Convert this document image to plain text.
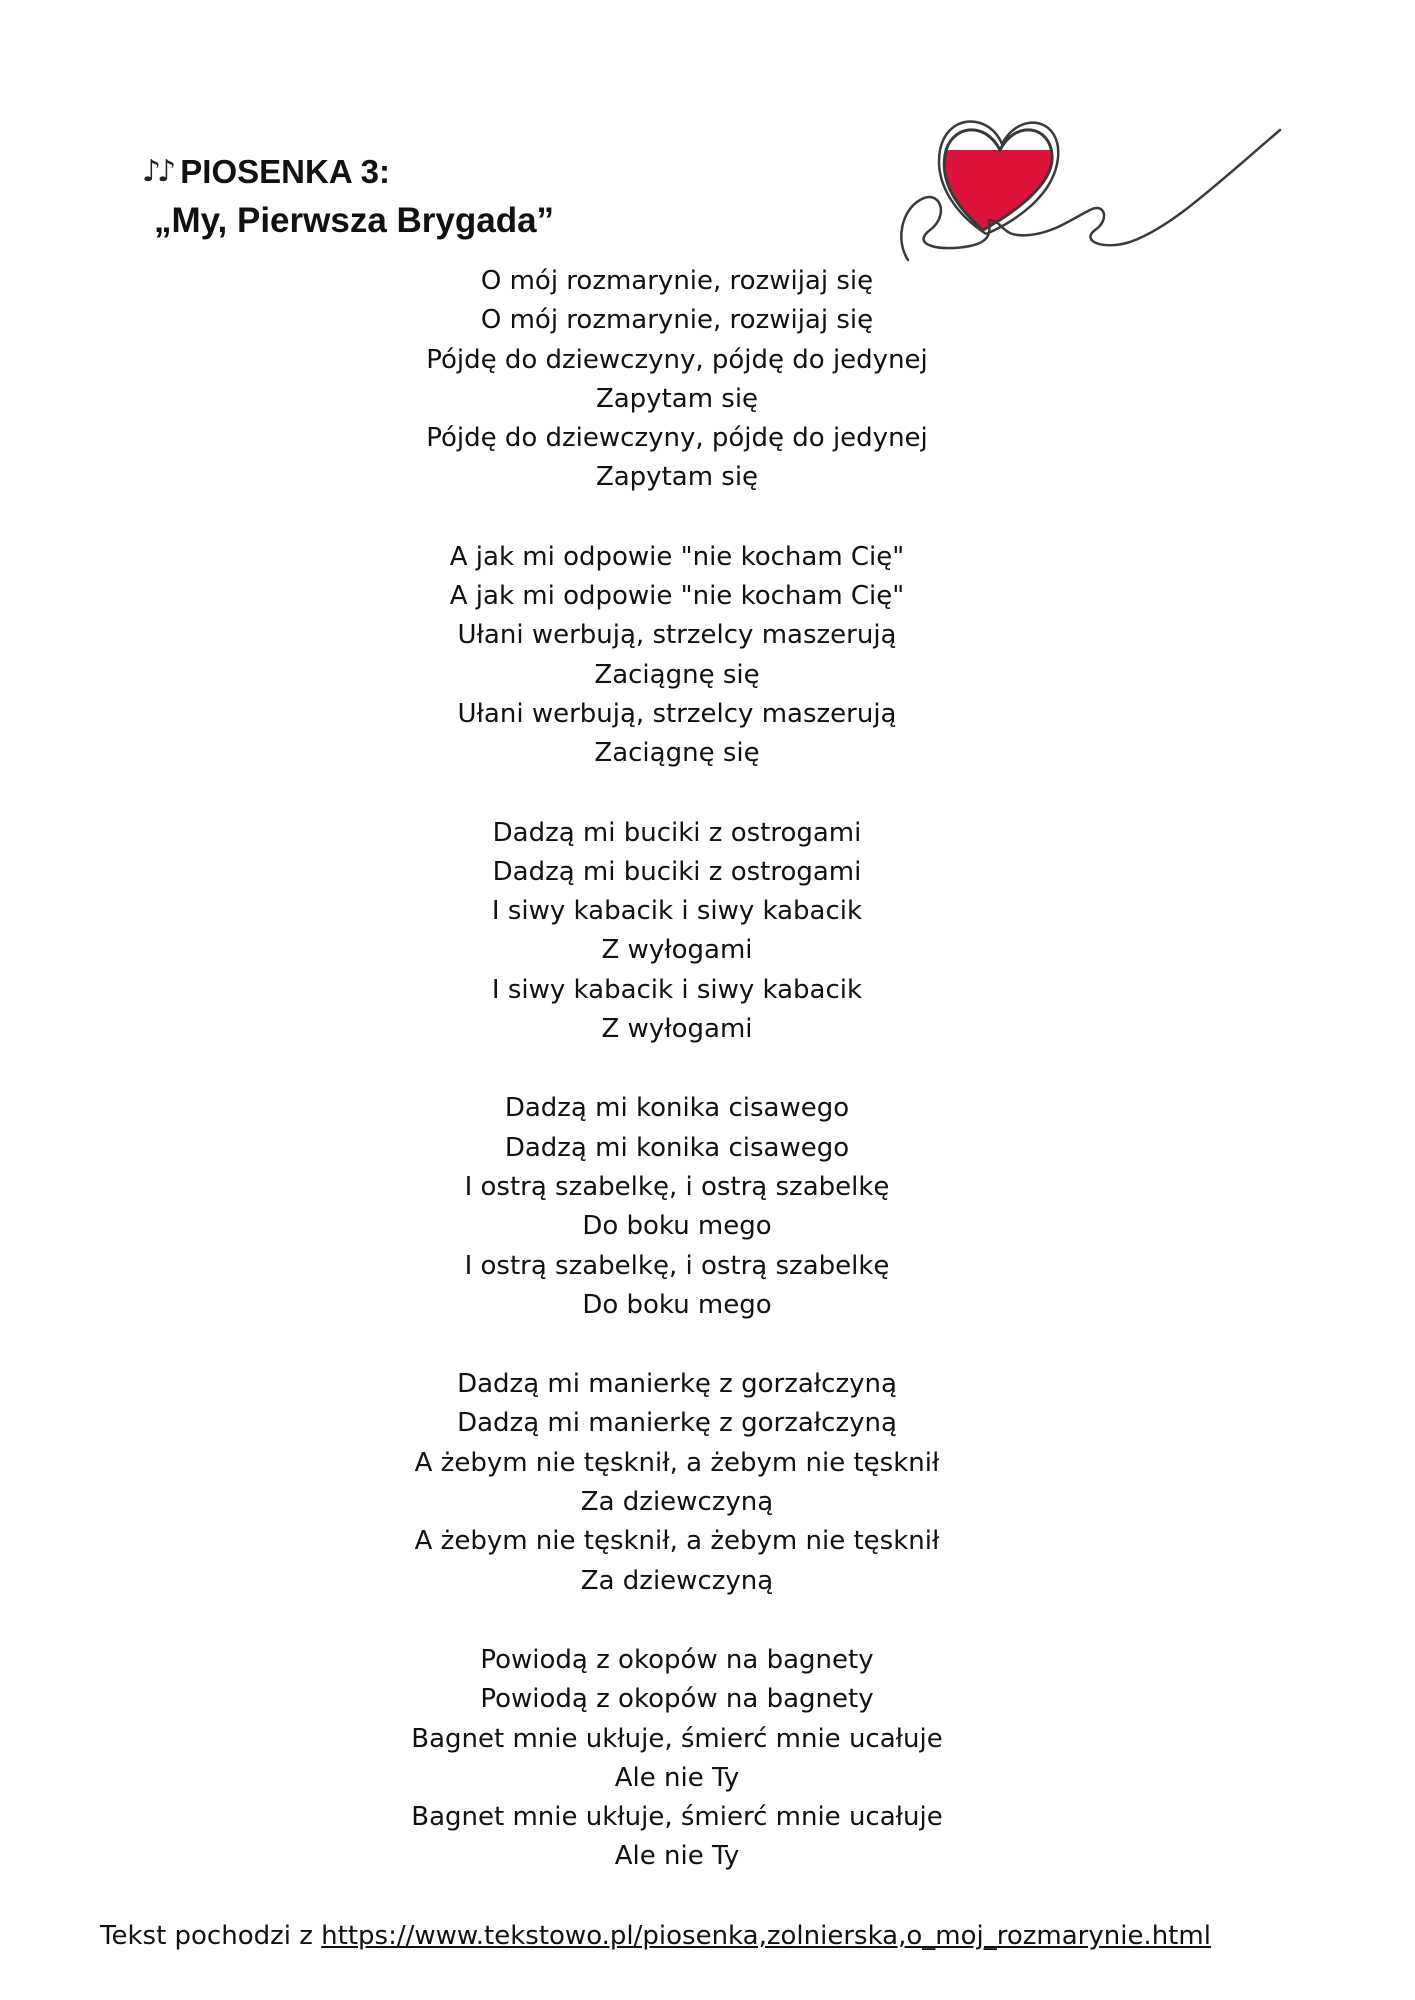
♪♪ PIOSENKA 3:
„My, Pierwsza Brygada”
O mój rozmarynie, rozwijaj się
O mój rozmarynie, rozwijaj się
Pójdę do dziewczyny, pójdę do jedynej
Zapytam się
Pójdę do dziewczyny, pójdę do jedynej
Zapytam się
A jak mi odpowie "nie kocham Cię"
A jak mi odpowie "nie kocham Cię"
Ułani werbują, strzelcy maszerują
Zaciągnę się
Ułani werbują, strzelcy maszerują
Zaciągnę się
Dadzą mi buciki z ostrogami
Dadzą mi buciki z ostrogami
I siwy kabacik i siwy kabacik
Z wyłogami
I siwy kabacik i siwy kabacik
Z wyłogami
Dadzą mi konika cisawego
Dadzą mi konika cisawego
I ostrą szabelkę, i ostrą szabelkę
Do boku mego
I ostrą szabelkę, i ostrą szabelkę
Do boku mego
Dadzą mi manierkę z gorzałczyną
Dadzą mi manierkę z gorzałczyną
A żebym nie tęsknił, a żebym nie tęsknił
Za dziewczyną
A żebym nie tęsknił, a żebym nie tęsknił
Za dziewczyną
Powiodą z okopów na bagnety
Powiodą z okopów na bagnety
Bagnet mnie ukłuje, śmierć mnie ucałuje
Ale nie Ty
Bagnet mnie ukłuje, śmierć mnie ucałuje
Ale nie Ty
Tekst pochodzi z https://www.tekstowo.pl/piosenka,zolnierska,o_moj_rozmarynie.html
